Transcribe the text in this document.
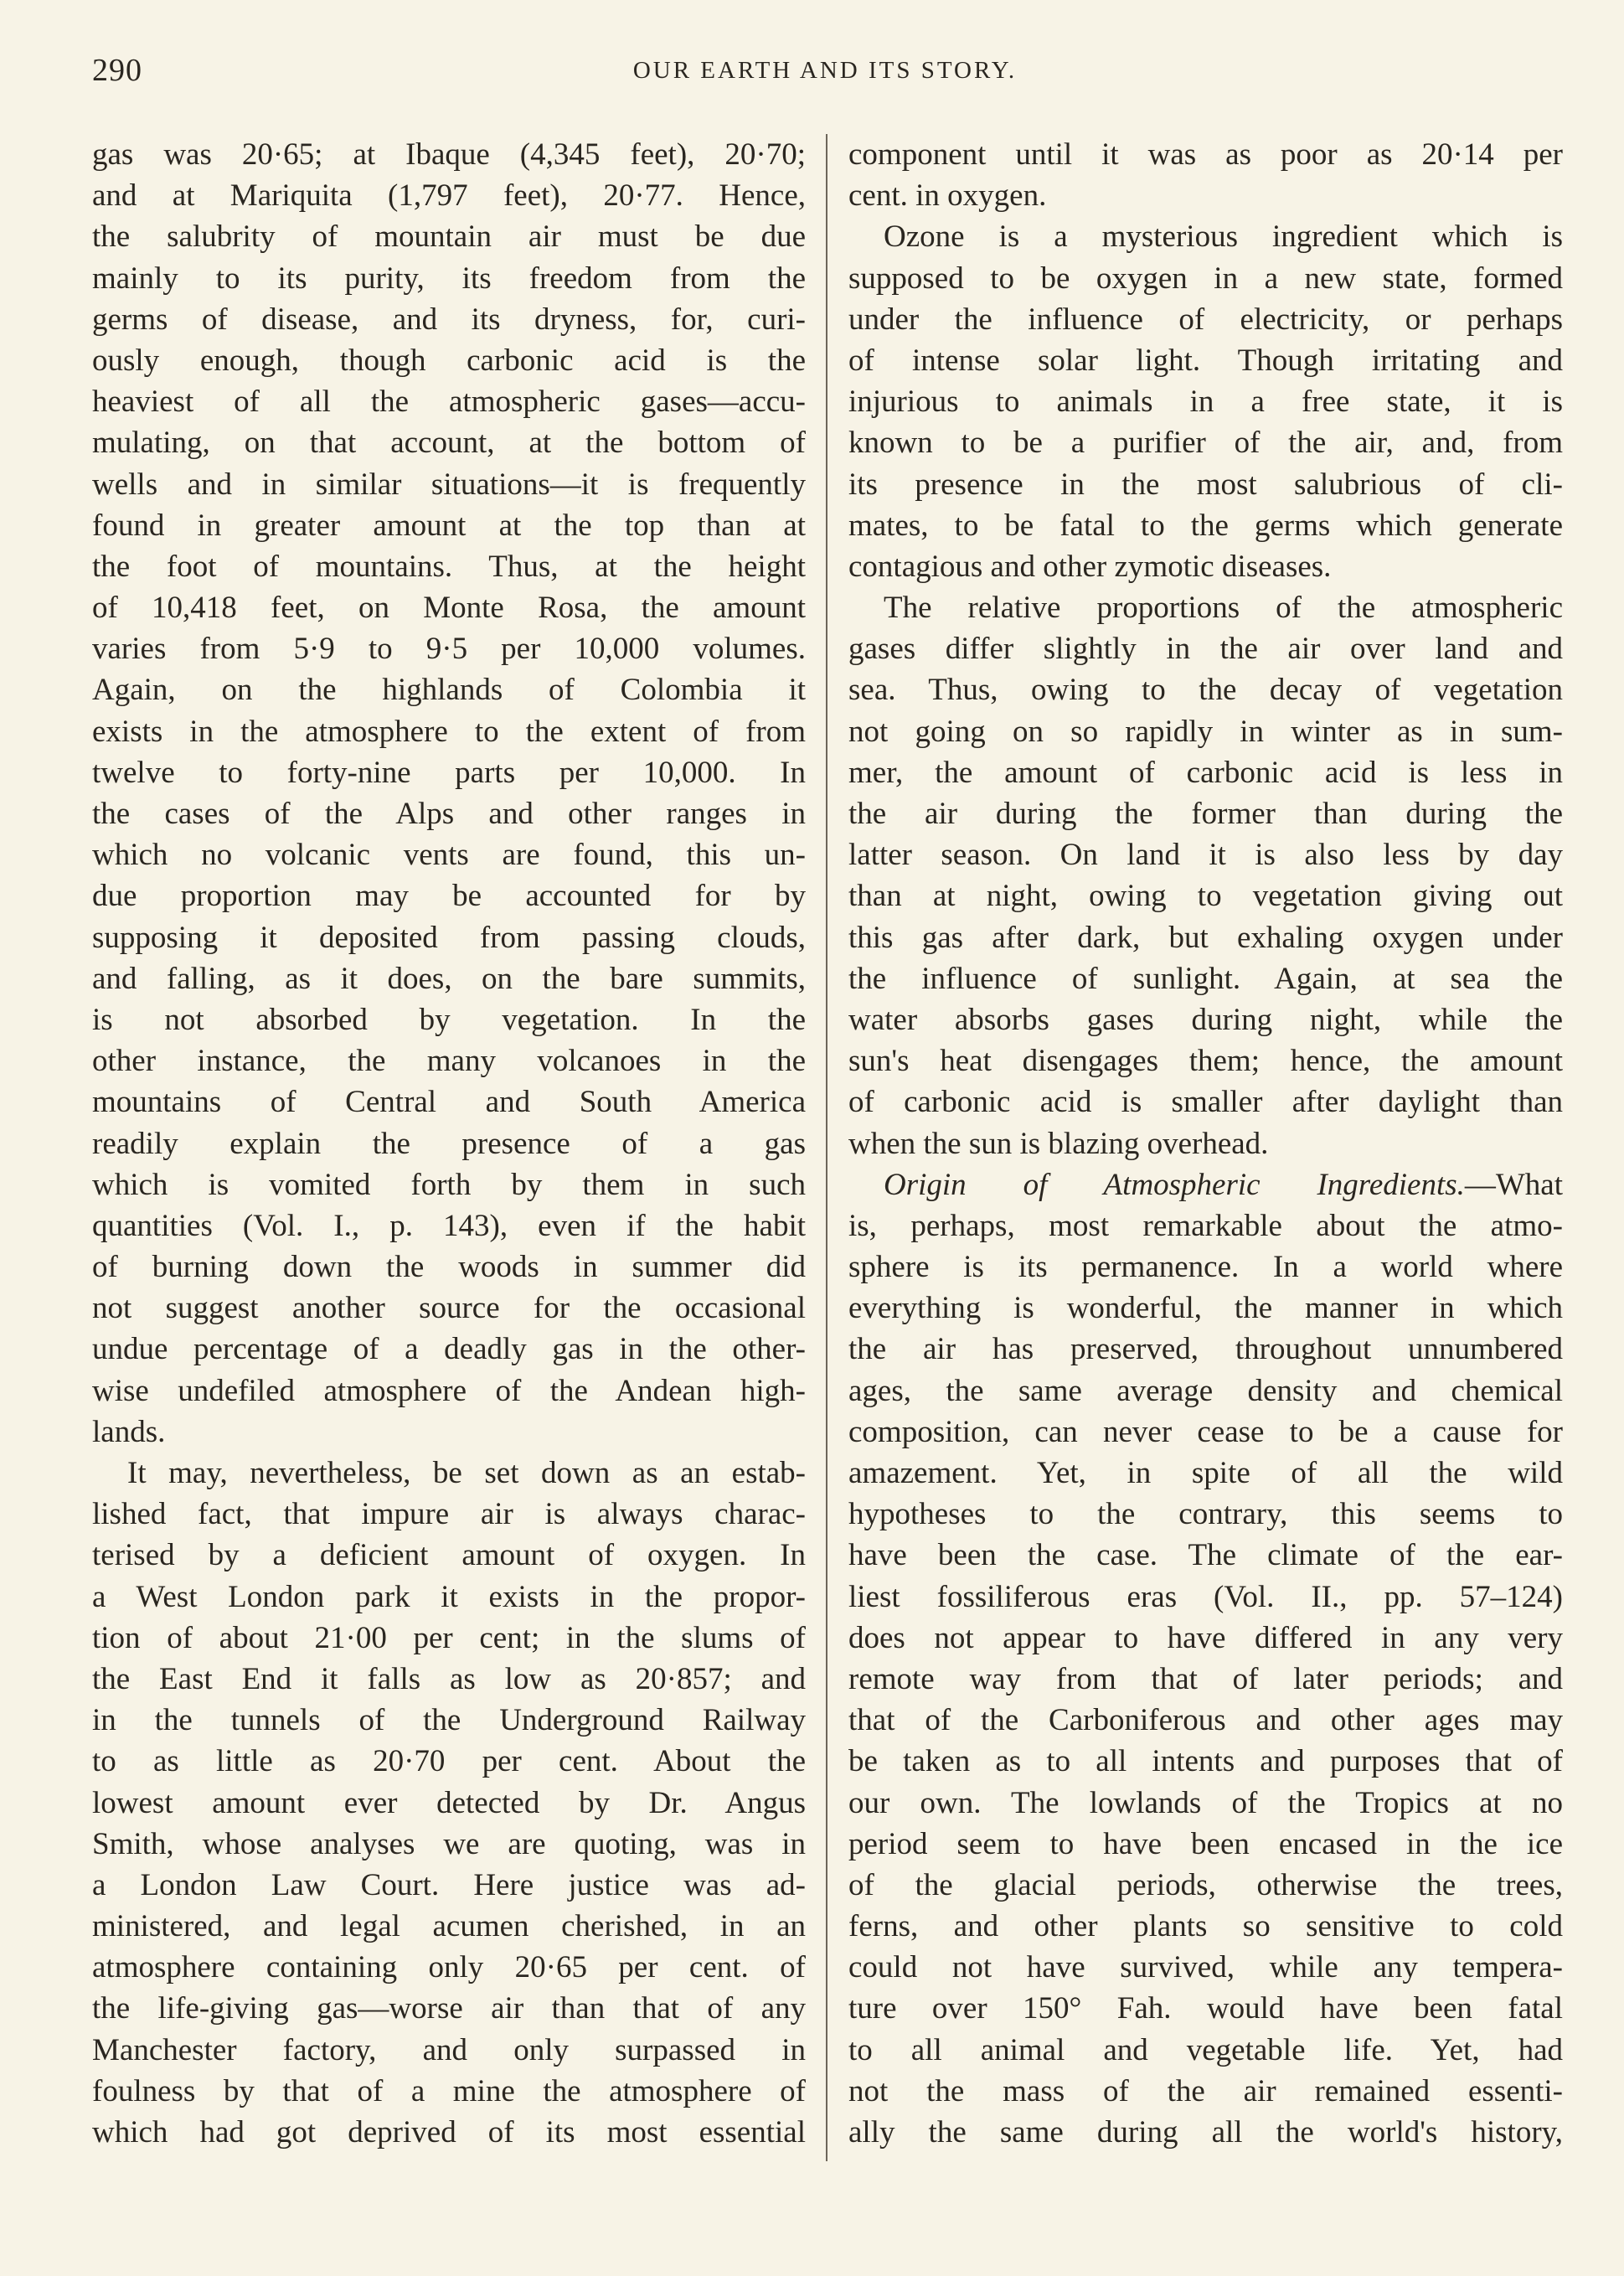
290	OUR EARTH AND ITS STORY.
gas was 20·65; at Ibaque (4,345 feet), 20·70;
and at Mariquita (1,797 feet), 20·77. Hence,
the salubrity of mountain air must be due
mainly to its purity, its freedom from the
germs of disease, and its dryness, for, curi-
ously enough, though carbonic acid is the
heaviest of all the atmospheric gases—accu-
mulating, on that account, at the bottom of
wells and in similar situations—it is frequently
found in greater amount at the top than at
the foot of mountains. Thus, at the height
of 10,418 feet, on Monte Rosa, the amount
varies from 5·9 to 9·5 per 10,000 volumes.
Again, on the highlands of Colombia it
exists in the atmosphere to the extent of from
twelve to forty-nine parts per 10,000. In
the cases of the Alps and other ranges in
which no volcanic vents are found, this un-
due proportion may be accounted for by
supposing it deposited from passing clouds,
and falling, as it does, on the bare summits,
is not absorbed by vegetation. In the
other instance, the many volcanoes in the
mountains of Central and South America
readily explain the presence of a gas
which is vomited forth by them in such
quantities (Vol. I., p. 143), even if the habit
of burning down the woods in summer did
not suggest another source for the occasional
undue percentage of a deadly gas in the other-
wise undefiled atmosphere of the Andean high-
lands.
It may, nevertheless, be set down as an estab-
lished fact, that impure air is always charac-
terised by a deficient amount of oxygen. In
a West London park it exists in the propor-
tion of about 21·00 per cent; in the slums of
the East End it falls as low as 20·857; and
in the tunnels of the Underground Railway
to as little as 20·70 per cent. About the
lowest amount ever detected by Dr. Angus
Smith, whose analyses we are quoting, was in
a London Law Court. Here justice was ad-
ministered, and legal acumen cherished, in an
atmosphere containing only 20·65 per cent. of
the life-giving gas—worse air than that of any
Manchester factory, and only surpassed in
foulness by that of a mine the atmosphere of
which had got deprived of its most essential
component until it was as poor as 20·14 per
cent. in oxygen.
Ozone is a mysterious ingredient which is
supposed to be oxygen in a new state, formed
under the influence of electricity, or perhaps
of intense solar light. Though irritating and
injurious to animals in a free state, it is
known to be a purifier of the air, and, from
its presence in the most salubrious of cli-
mates, to be fatal to the germs which generate
contagious and other zymotic diseases.
The relative proportions of the atmospheric
gases differ slightly in the air over land and
sea. Thus, owing to the decay of vegetation
not going on so rapidly in winter as in sum-
mer, the amount of carbonic acid is less in
the air during the former than during the
latter season. On land it is also less by day
than at night, owing to vegetation giving out
this gas after dark, but exhaling oxygen under
the influence of sunlight. Again, at sea the
water absorbs gases during night, while the
sun's heat disengages them; hence, the amount
of carbonic acid is smaller after daylight than
when the sun is blazing overhead.
Origin of Atmospheric Ingredients.—What
is, perhaps, most remarkable about the atmo-
sphere is its permanence. In a world where
everything is wonderful, the manner in which
the air has preserved, throughout unnumbered
ages, the same average density and chemical
composition, can never cease to be a cause for
amazement. Yet, in spite of all the wild
hypotheses to the contrary, this seems to
have been the case. The climate of the ear-
liest fossiliferous eras (Vol. II., pp. 57–124)
does not appear to have differed in any very
remote way from that of later periods; and
that of the Carboniferous and other ages may
be taken as to all intents and purposes that of
our own. The lowlands of the Tropics at no
period seem to have been encased in the ice
of the glacial periods, otherwise the trees,
ferns, and other plants so sensitive to cold
could not have survived, while any tempera-
ture over 150° Fah. would have been fatal
to all animal and vegetable life. Yet, had
not the mass of the air remained essenti-
ally the same during all the world's history,
